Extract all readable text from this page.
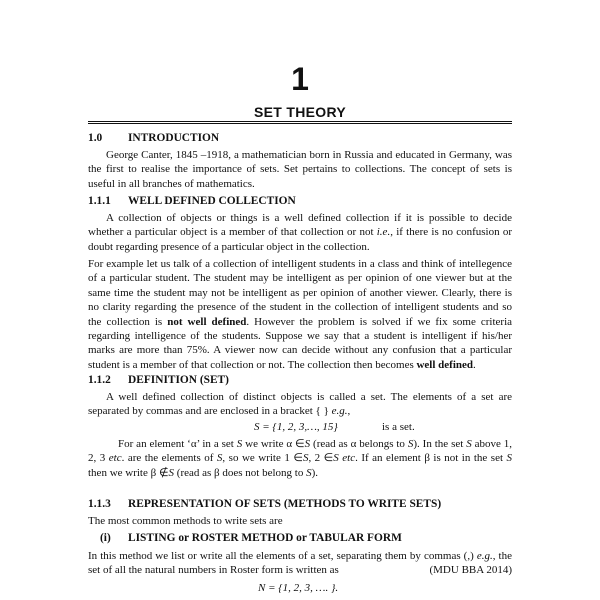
1
SET THEORY
1.0 INTRODUCTION
George Canter, 1845 –1918, a mathematician born in Russia and educated in Germany, was the first to realise the importance of sets. Set pertains to collections. The concept of sets is useful in all branches of mathematics.
1.1.1 WELL DEFINED COLLECTION
A collection of objects or things is a well defined collection if it is possible to decide whether a particular object is a member of that collection or not i.e., if there is no confusion or doubt regarding presence of a particular object in the collection.
For example let us talk of a collection of intelligent students in a class and think of intellegence of a particular student. The student may be intelligent as per opinion of one viewer but at the same time the student may not be intelligent as per opinion of another viewer. Clearly, there is no clarity regarding the presence of the student in the collection of intelligent students and so the collection is not well defined. However the problem is solved if we fix some criteria regarding intelligence of the students. Suppose we say that a student is intelligent if his/her marks are more than 75%. A viewer now can decide without any confusion that a particular student is a member of that collection or not. The collection then becomes well defined.
1.1.2 DEFINITION (SET)
A well defined collection of distinct objects is called a set. The elements of a set are separated by commas and are enclosed in a bracket { } e.g.,
S = {1, 2, 3,…, 15}	is a set.
For an element ‘α’ in a set S we write α ∈S (read as α belongs to S). In the set S above 1, 2, 3 etc. are the elements of S, so we write 1 ∈S, 2 ∈S etc. If an element β is not in the set S then we write β ∉S (read as β does not belong to S).
1.1.3 REPRESENTATION OF SETS (METHODS TO WRITE SETS)
The most common methods to write sets are
(i) LISTING or ROSTER METHOD or TABULAR FORM
In this method we list or write all the elements of a set, separating them by commas (,) e.g., the set of all the natural numbers in Roster form is written as	(MDU BBA 2014)
N = {1, 2, 3, …. }.
